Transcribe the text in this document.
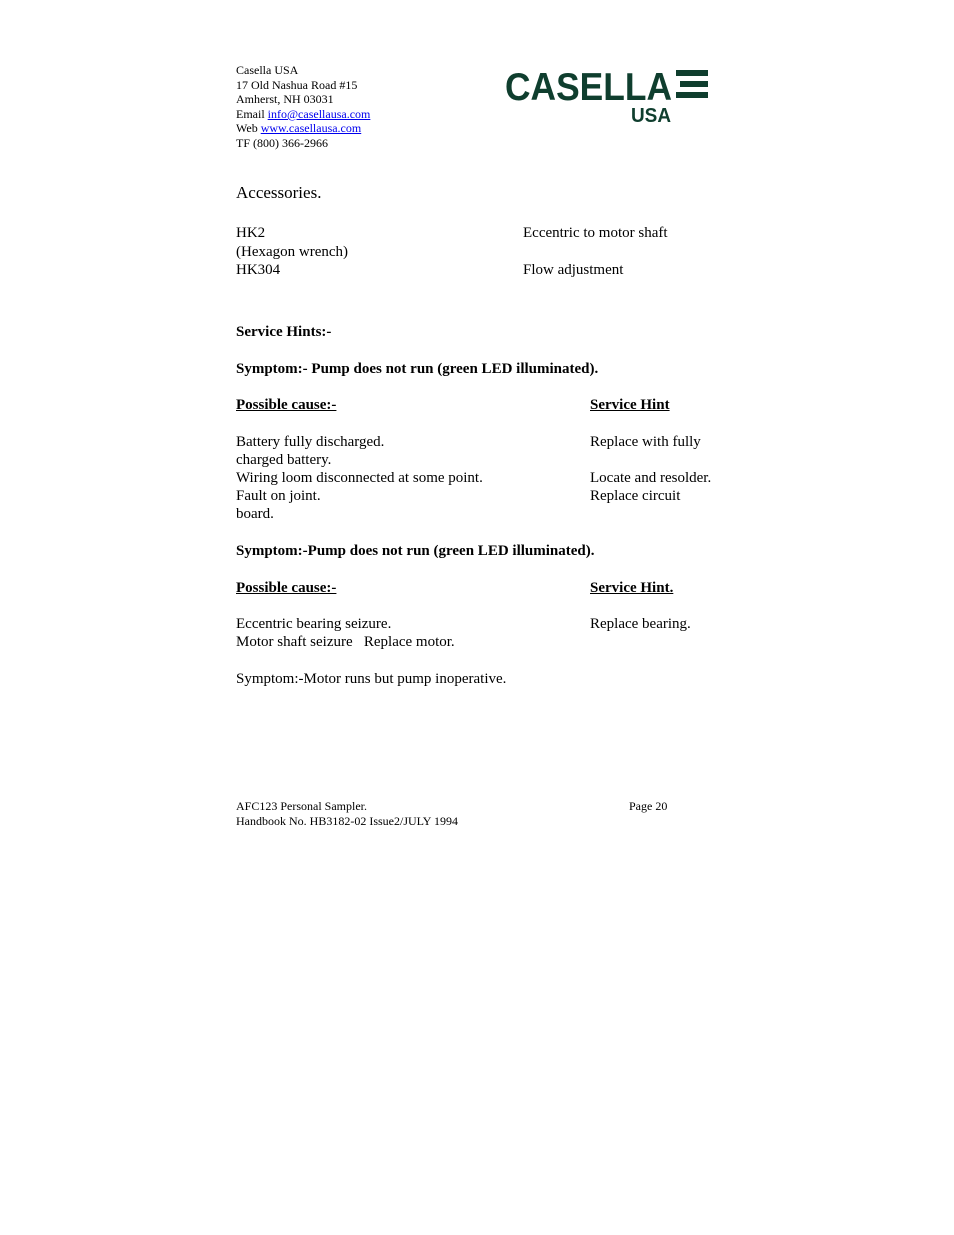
Casella USA
17 Old Nashua Road #15
Amherst, NH 03031
Email info@casellausa.com
Web www.casellausa.com
TF (800) 366-2966
CASELLA
USA
Accessories.
HK2	Eccentric to motor shaft
(Hexagon wrench)
HK304	Flow adjustment
Service Hints:-
Symptom:- Pump does not run (green LED illuminated).
Possible cause:-	Service Hint
Battery fully discharged.	Replace with fully
charged battery.
Wiring loom disconnected at some point.	Locate and resolder.
Fault on joint.	Replace circuit
board.
Symptom:-Pump does not run (green LED illuminated).
Possible cause:-	Service Hint.
Eccentric bearing seizure.	Replace bearing.
Motor shaft seizure   Replace motor.
Symptom:-Motor runs but pump inoperative.
AFC123 Personal Sampler.	Page 20
Handbook No. HB3182-02 Issue2/JULY 1994
